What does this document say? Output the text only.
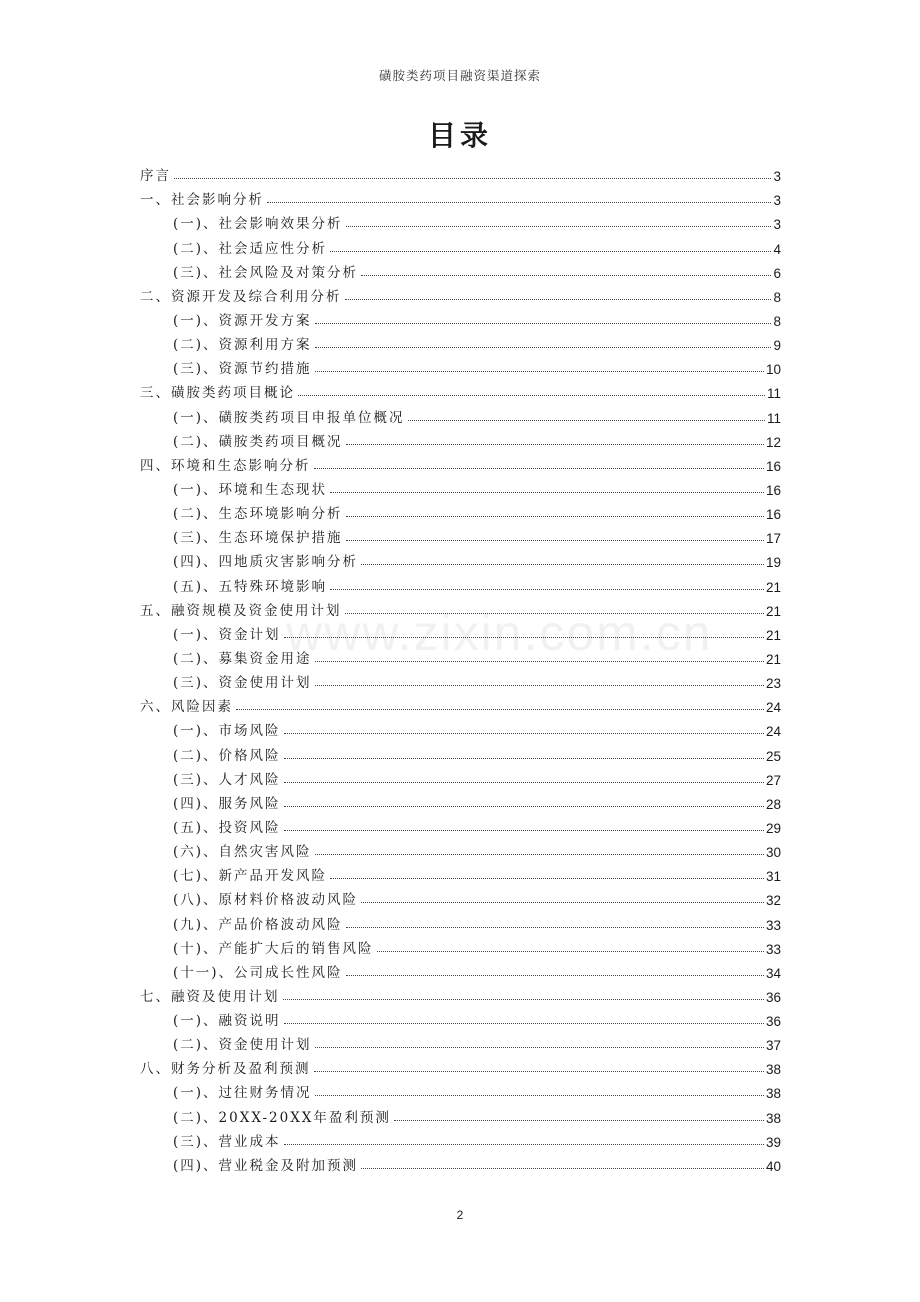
磺胺类药项目融资渠道探索
目录
序言	3
一、社会影响分析	3
(一)、社会影响效果分析	3
(二)、社会适应性分析	4
(三)、社会风险及对策分析	6
二、资源开发及综合利用分析	8
(一)、资源开发方案	8
(二)、资源利用方案	9
(三)、资源节约措施	10
三、磺胺类药项目概论	11
(一)、磺胺类药项目申报单位概况	11
(二)、磺胺类药项目概况	12
四、环境和生态影响分析	16
(一)、环境和生态现状	16
(二)、生态环境影响分析	16
(三)、生态环境保护措施	17
(四)、四地质灾害影响分析	19
(五)、五特殊环境影响	21
五、融资规模及资金使用计划	21
(一)、资金计划	21
(二)、募集资金用途	21
(三)、资金使用计划	23
六、风险因素	24
(一)、市场风险	24
(二)、价格风险	25
(三)、人才风险	27
(四)、服务风险	28
(五)、投资风险	29
(六)、自然灾害风险	30
(七)、新产品开发风险	31
(八)、原材料价格波动风险	32
(九)、产品价格波动风险	33
(十)、产能扩大后的销售风险	33
(十一)、公司成长性风险	34
七、融资及使用计划	36
(一)、融资说明	36
(二)、资金使用计划	37
八、财务分析及盈利预测	38
(一)、过往财务情况	38
(二)、20XX-20XX年盈利预测	38
(三)、营业成本	39
(四)、营业税金及附加预测	40
www.zixin.com.cn
2
